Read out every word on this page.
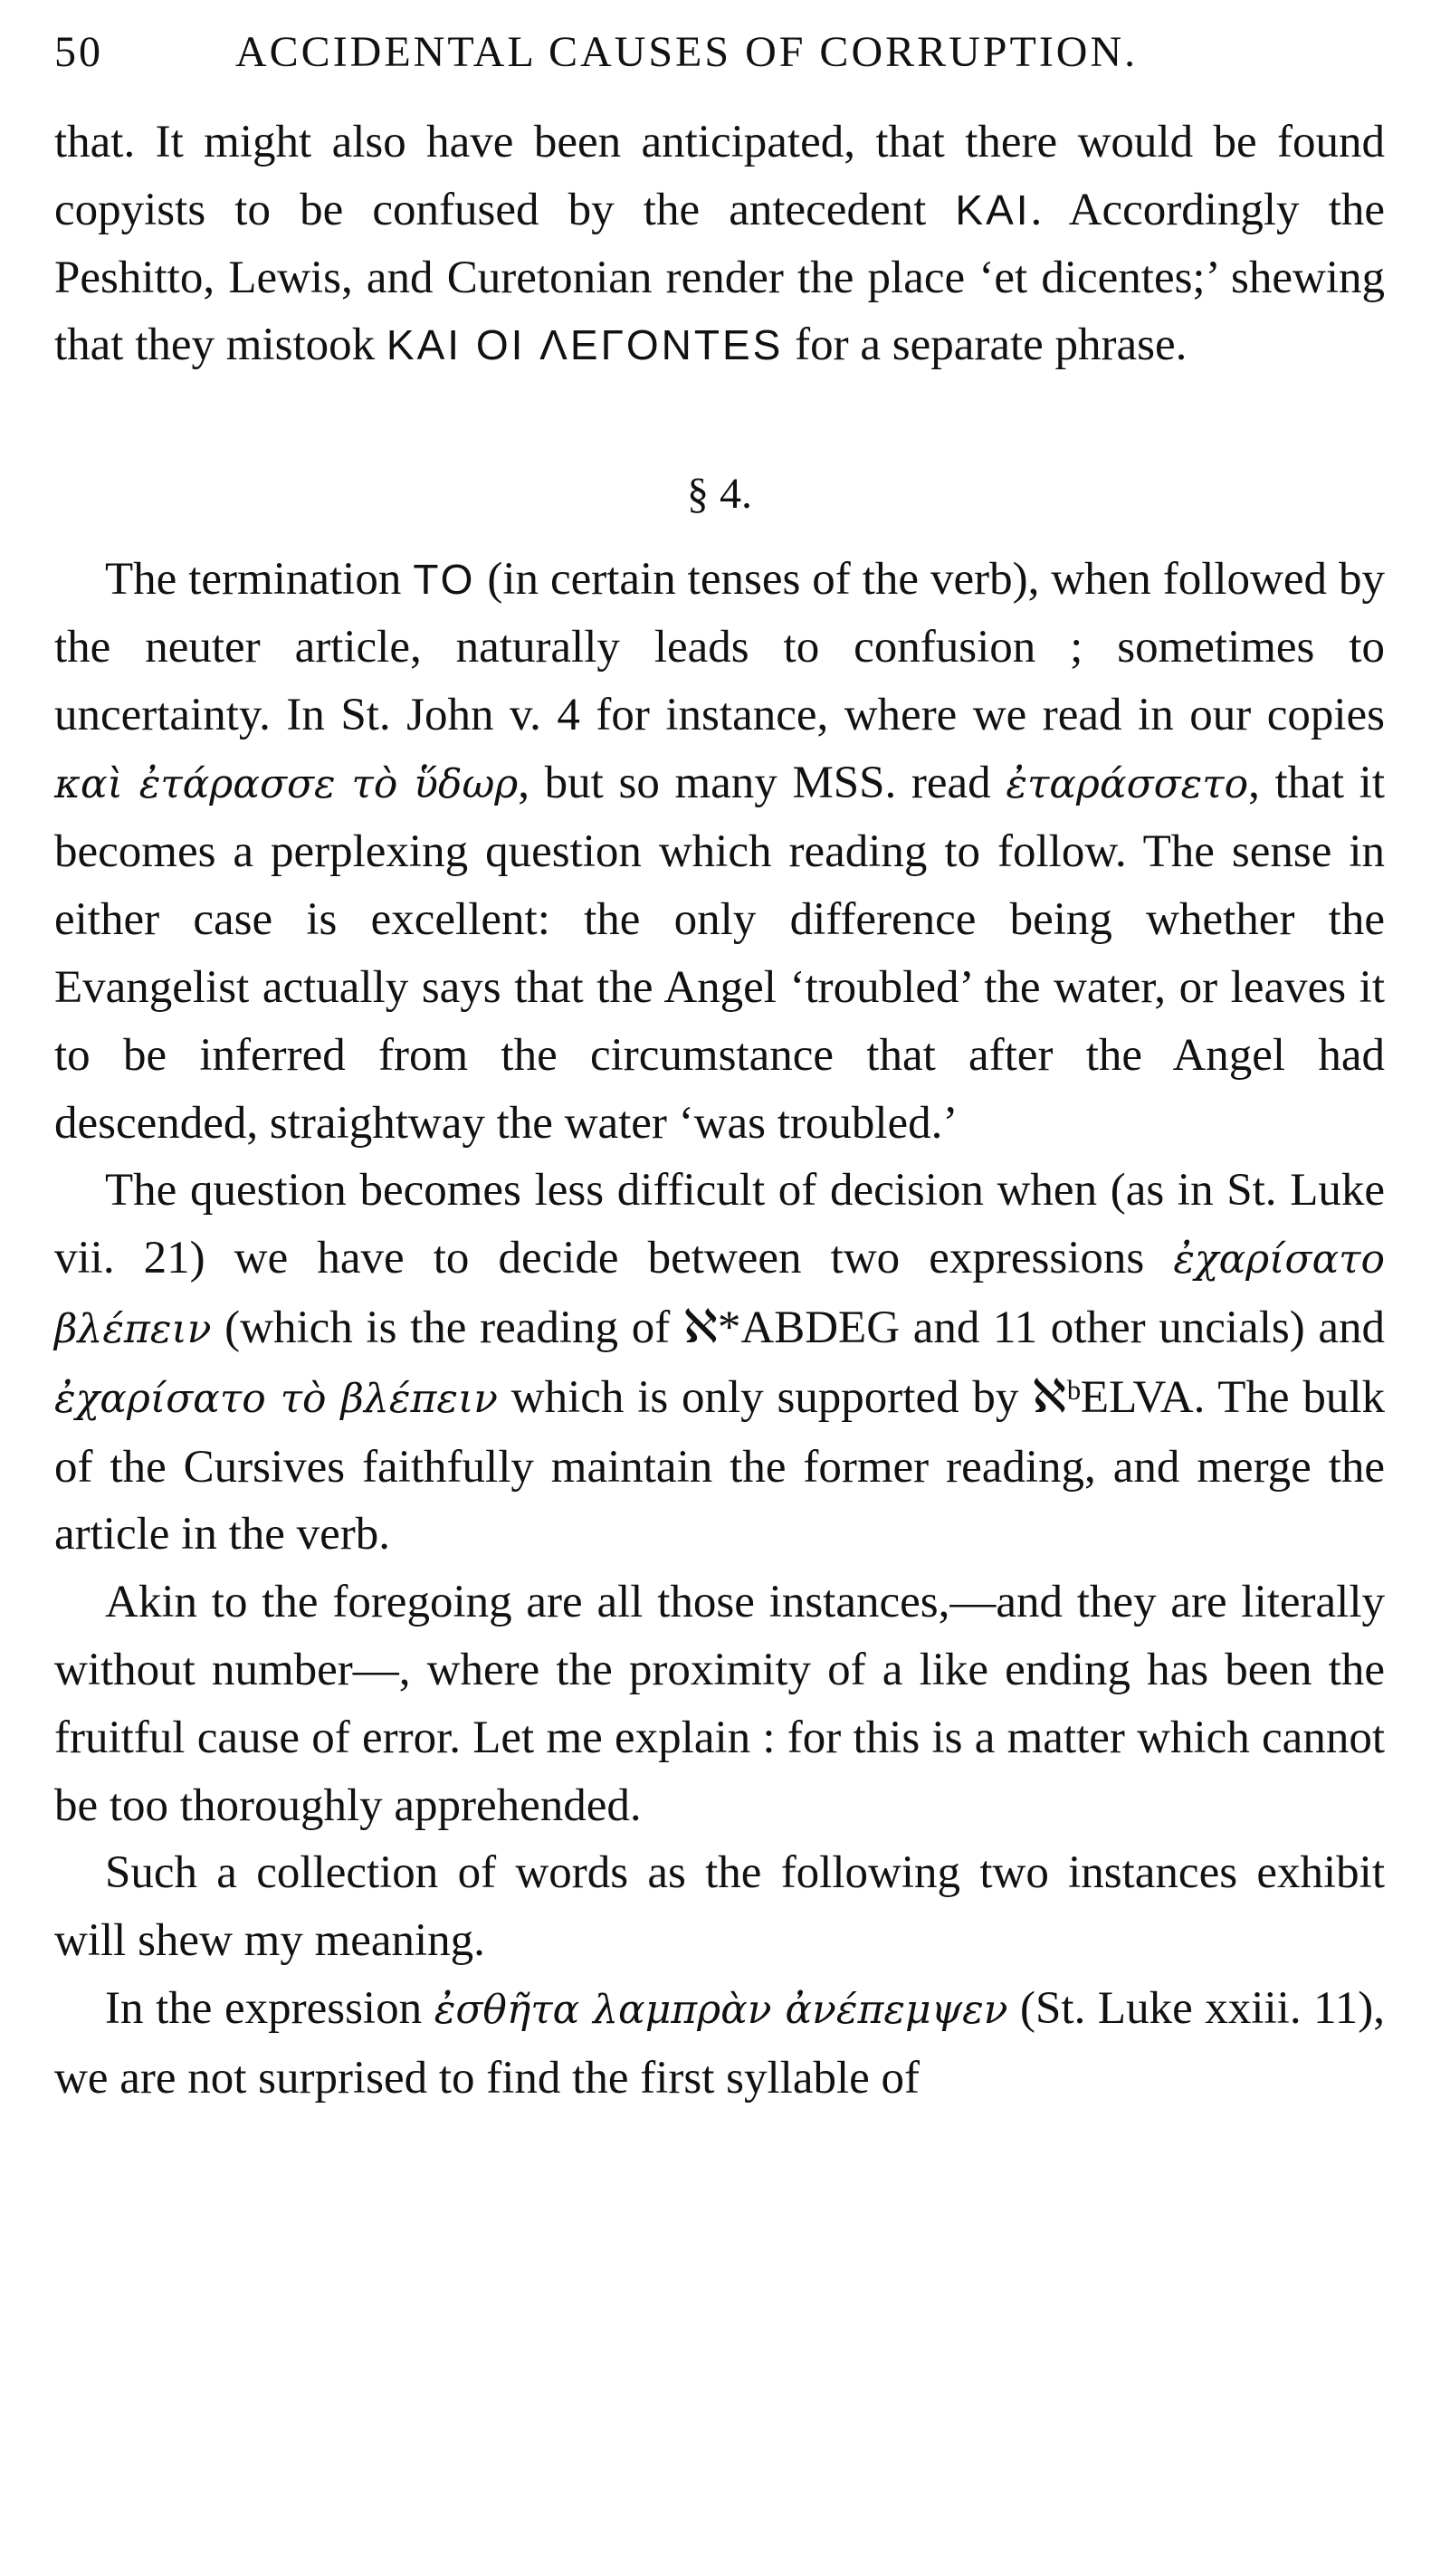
50	ACCIDENTAL CAUSES OF CORRUPTION.

that. It might also have been anticipated, that there would be found copyists to be confused by the antecedent KAI. Accordingly the Peshitto, Lewis, and Curetonian render the place ‘et dicentes;’ shewing that they mistook KAI OI ΛΕΓΟΝΤΕS for a separate phrase.

§ 4.

The termination TO (in certain tenses of the verb), when followed by the neuter article, naturally leads to confusion ; sometimes to uncertainty. In St. John v. 4 for instance, where we read in our copies καὶ ἐτάρασσε τὸ ὕδωρ, but so many MSS. read ἐταράσσετο, that it becomes a perplexing question which reading to follow. The sense in either case is excellent: the only difference being whether the Evangelist actually says that the Angel ‘troubled’ the water, or leaves it to be inferred from the circumstance that after the Angel had descended, straightway the water ‘was troubled.’

The question becomes less difficult of decision when (as in St. Luke vii. 21) we have to decide between two expressions ἐχαρίσατο βλέπειν (which is the reading of ℵ*ABDEG and 11 other uncials) and ἐχαρίσατο τὸ βλέπειν which is only supported by ℵᵇELVA. The bulk of the Cursives faithfully maintain the former reading, and merge the article in the verb.

Akin to the foregoing are all those instances,—and they are literally without number—, where the proximity of a like ending has been the fruitful cause of error. Let me explain : for this is a matter which cannot be too thoroughly apprehended.

Such a collection of words as the following two instances exhibit will shew my meaning.

In the expression ἐσθῆτα λαμπρὰν ἀνέπεμψεν (St. Luke xxiii. 11), we are not surprised to find the first syllable of
